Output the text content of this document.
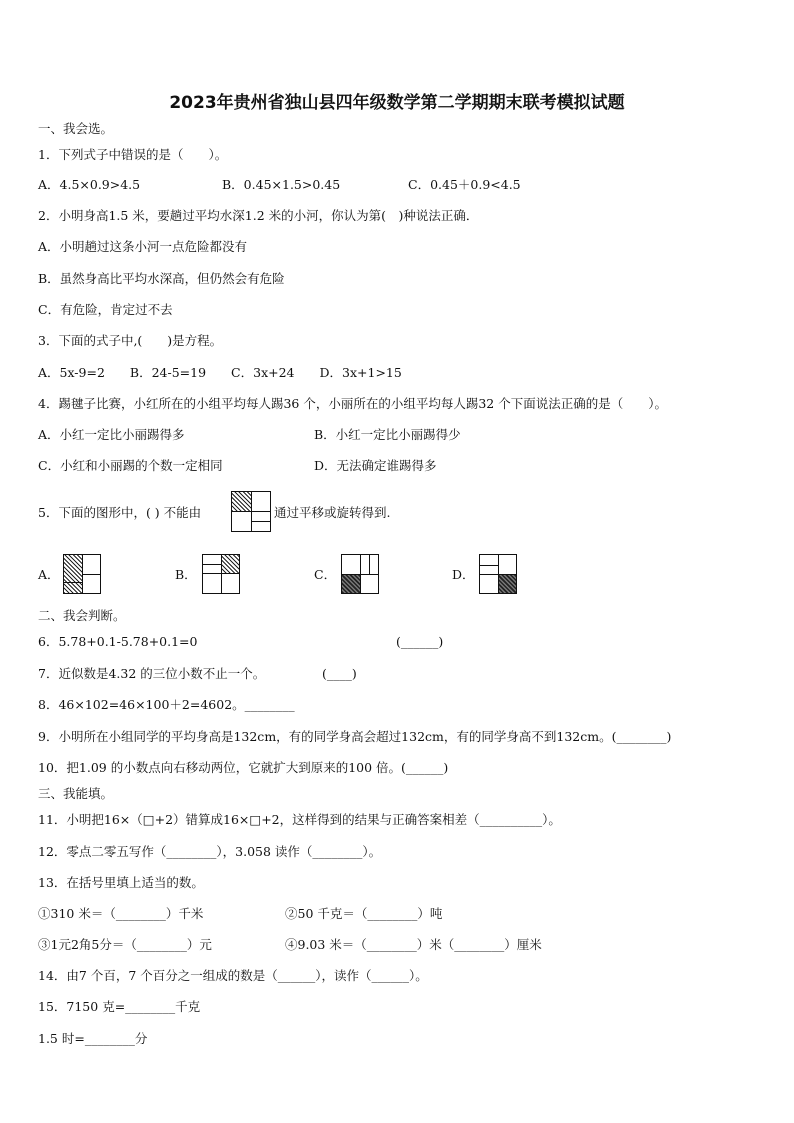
2023年贵州省独山县四年级数学第二学期期末联考模拟试题
一、我会选。
1．下列式子中错误的是（　　）。
A．4.5×0.9>4.5	B．0.45×1.5>0.45	C．0.45＋0.9<4.5
2．小明身高1.5 米，要趟过平均水深1.2 米的小河，你认为第(　)种说法正确．
A．小明趟过这条小河一点危险都没有
B．虽然身高比平均水深高，但仍然会有危险
C．有危险，肯定过不去
3．下面的式子中,(　　)是方程。
A．5x-9=2　　B．24-5=19　　C．3x+24　　D．3x+1>15
4．踢毽子比赛，小红所在的小组平均每人踢36 个，小丽所在的小组平均每人踢32 个下面说法正确的是（　　）。
A．小红一定比小丽踢得多	B．小红一定比小丽踢得少
C．小红和小丽踢的个数一定相同	D．无法确定谁踢得多
5．下面的图形中，( ) 不能由	通过平移或旋转得到.
A．	B．	C．	D．
二、我会判断。
6．5.78+0.1-5.78+0.1=0	(______)
7．近似数是4.32 的三位小数不止一个。	(____)
8．46×102=46×100＋2=4602。________
9．小明所在小组同学的平均身高是132cm，有的同学身高会超过132cm，有的同学身高不到132cm。(________)
10．把1.09 的小数点向右移动两位，它就扩大到原来的100 倍。(______)
三、我能填。
11．小明把16×（□+2）错算成16×□+2，这样得到的结果与正确答案相差（__________）。
12．零点二零五写作（________），3.058 读作（________）。
13．在括号里填上适当的数。
①310 米＝（________）千米	②50 千克＝（________）吨
③1元2角5分＝（________）元	④9.03 米＝（________）米（________）厘米
14．由7 个百，7 个百分之一组成的数是（______），读作（______）。
15．7150 克=________千克
1.5 时=________分
